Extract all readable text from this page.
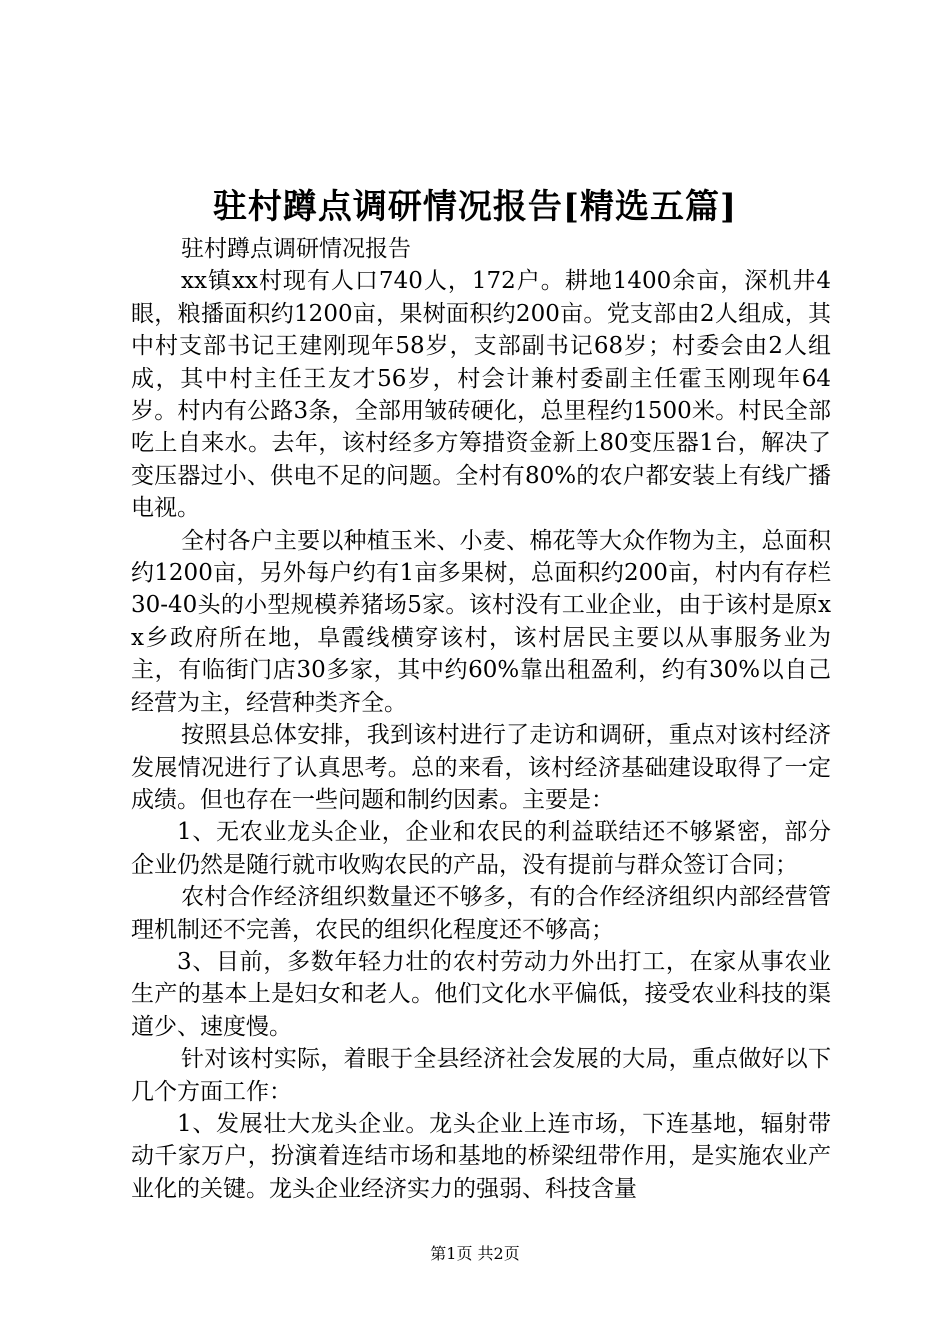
驻村蹲点调研情况报告[精选五篇]

驻村蹲点调研情况报告

xx镇xx村现有人口740人，172户。耕地1400余亩，深机井4眼，粮播面积约1200亩，果树面积约200亩。党支部由2人组成，其中村支部书记王建刚现年58岁，支部副书记68岁；村委会由2人组成，其中村主任王友才56岁，村会计兼村委副主任霍玉刚现年64岁。村内有公路3条，全部用皱砖硬化，总里程约1500米。村民全部吃上自来水。去年，该村经多方筹措资金新上80变压器1台，解决了变压器过小、供电不足的问题。全村有80%的农户都安装上有线广播电视。

全村各户主要以种植玉米、小麦、棉花等大众作物为主，总面积约1200亩，另外每户约有1亩多果树，总面积约200亩，村内有存栏30-40头的小型规模养猪场5家。该村没有工业企业，由于该村是原xx乡政府所在地，阜霞线横穿该村，该村居民主要以从事服务业为主，有临街门店30多家，其中约60%靠出租盈利，约有30%以自己经营为主，经营种类齐全。

按照县总体安排，我到该村进行了走访和调研，重点对该村经济发展情况进行了认真思考。总的来看，该村经济基础建设取得了一定成绩。但也存在一些问题和制约因素。主要是：

1、无农业龙头企业，企业和农民的利益联结还不够紧密，部分企业仍然是随行就市收购农民的产品，没有提前与群众签订合同；

农村合作经济组织数量还不够多，有的合作经济组织内部经营管理机制还不完善，农民的组织化程度还不够高；

3、目前，多数年轻力壮的农村劳动力外出打工，在家从事农业生产的基本上是妇女和老人。他们文化水平偏低，接受农业科技的渠道少、速度慢。

针对该村实际，着眼于全县经济社会发展的大局，重点做好以下几个方面工作：

1、发展壮大龙头企业。龙头企业上连市场，下连基地，辐射带动千家万户，扮演着连结市场和基地的桥梁纽带作用，是实施农业产业化的关键。龙头企业经济实力的强弱、科技含量

第1页 共2页
